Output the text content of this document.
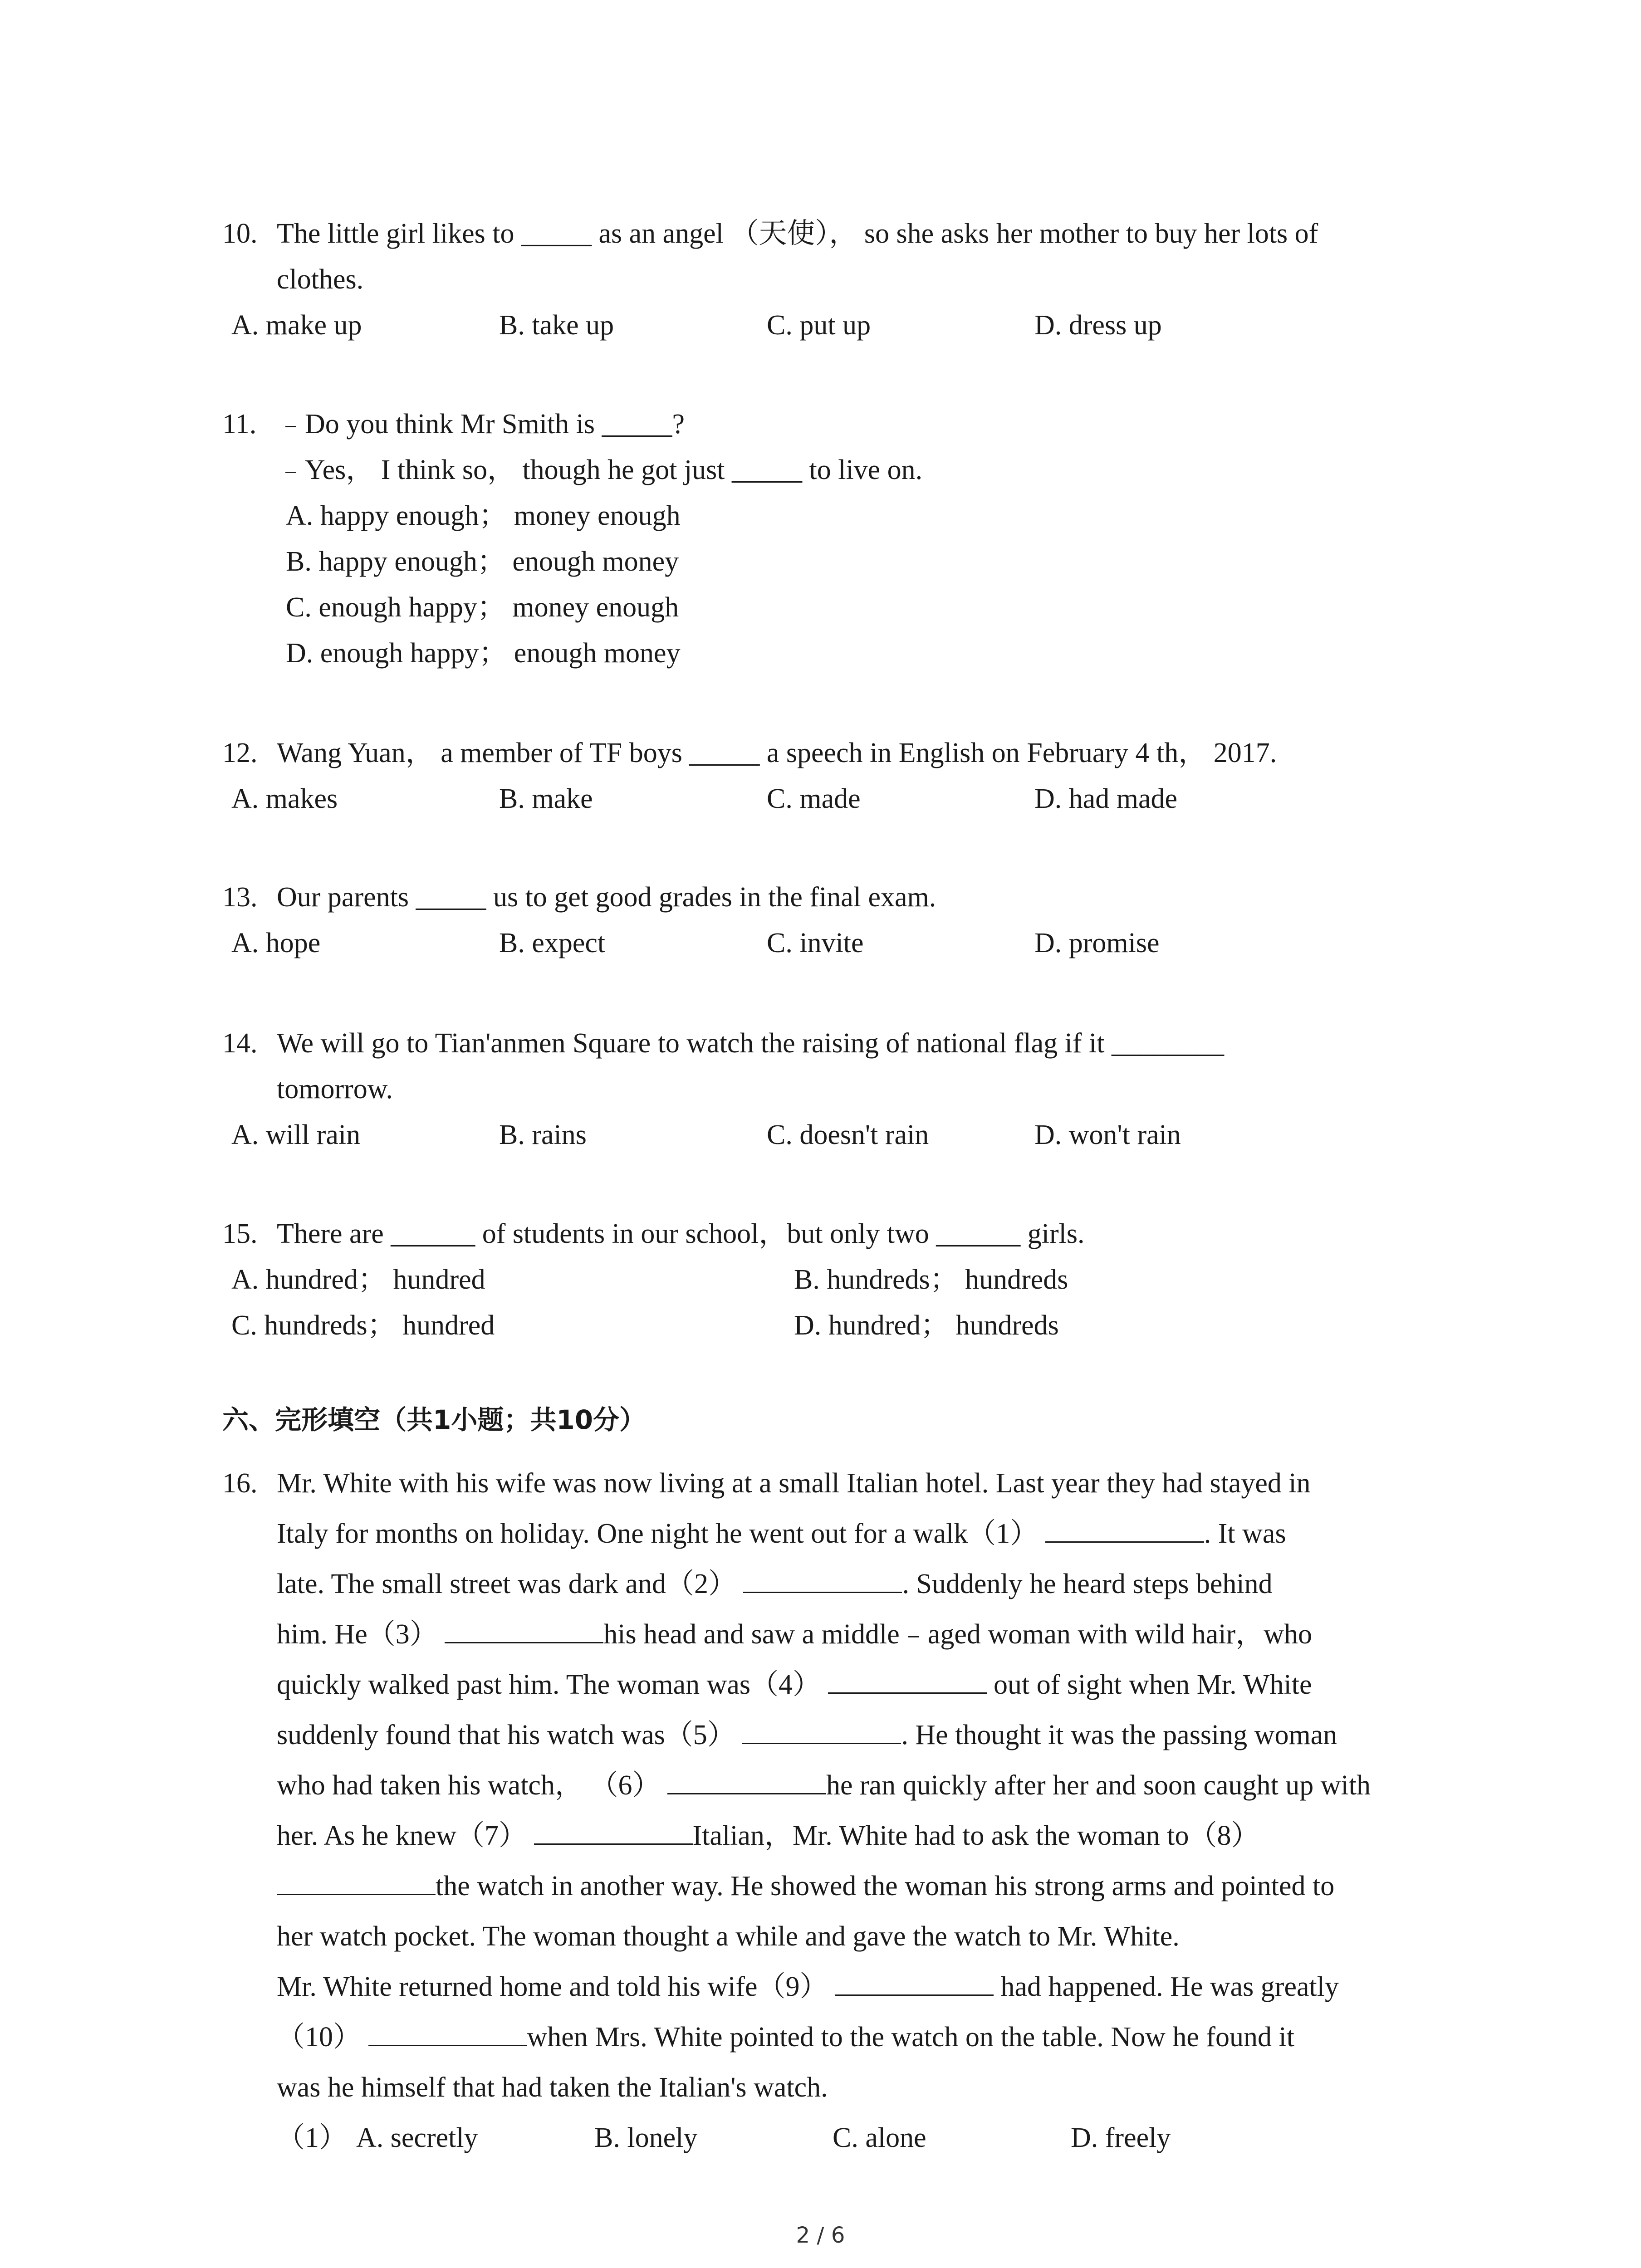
10. The little girl likes to _____ as an angel （天使）， so she asks her mother to buy her lots of
clothes.
A. make up	B. take up	C. put up	D. dress up
11. ﹣Do you think Mr Smith is _____?
﹣Yes， I think so， though he got just _____ to live on.
A. happy enough； money enough
B. happy enough； enough money
C. enough happy； money enough
D. enough happy； enough money
12. Wang Yuan， a member of TF boys _____ a speech in English on February 4 th， 2017.
A. makes	B. make	C. made	D. had made
13. Our parents _____ us to get good grades in the final exam.
A. hope	B. expect	C. invite	D. promise
14. We will go to Tian'anmen Square to watch the raising of national flag if it ________
tomorrow.
A. will rain	B. rains	C. doesn't rain	D. won't rain
15. There are ______ of students in our school，but only two ______ girls.
A. hundred； hundred	B. hundreds； hundreds
C. hundreds； hundred	D. hundred； hundreds
六、完形填空（共1小题；共10分）
16. Mr. White with his wife was now living at a small Italian hotel. Last year they had stayed in
Italy for months on holiday. One night he went out for a walk（1）	. It was
late. The small street was dark and（2）	. Suddenly he heard steps behind
him. He（3）	his head and saw a middle﹣aged woman with wild hair，who
quickly walked past him. The woman was（4）	out of sight when Mr. White
suddenly found that his watch was（5）	. He thought it was the passing woman
who had taken his watch， （6）	he ran quickly after her and soon caught up with
her. As he knew（7）	Italian，Mr. White had to ask the woman to（8）
the watch in another way. He showed the woman his strong arms and pointed to
her watch pocket. The woman thought a while and gave the watch to Mr. White.
Mr. White returned home and told his wife（9）	had happened. He was greatly
（10）	when Mrs. White pointed to the watch on the table. Now he found it
was he himself that had taken the Italian's watch.
（1） A. secretly	B. lonely	C. alone	D. freely
2 / 6
